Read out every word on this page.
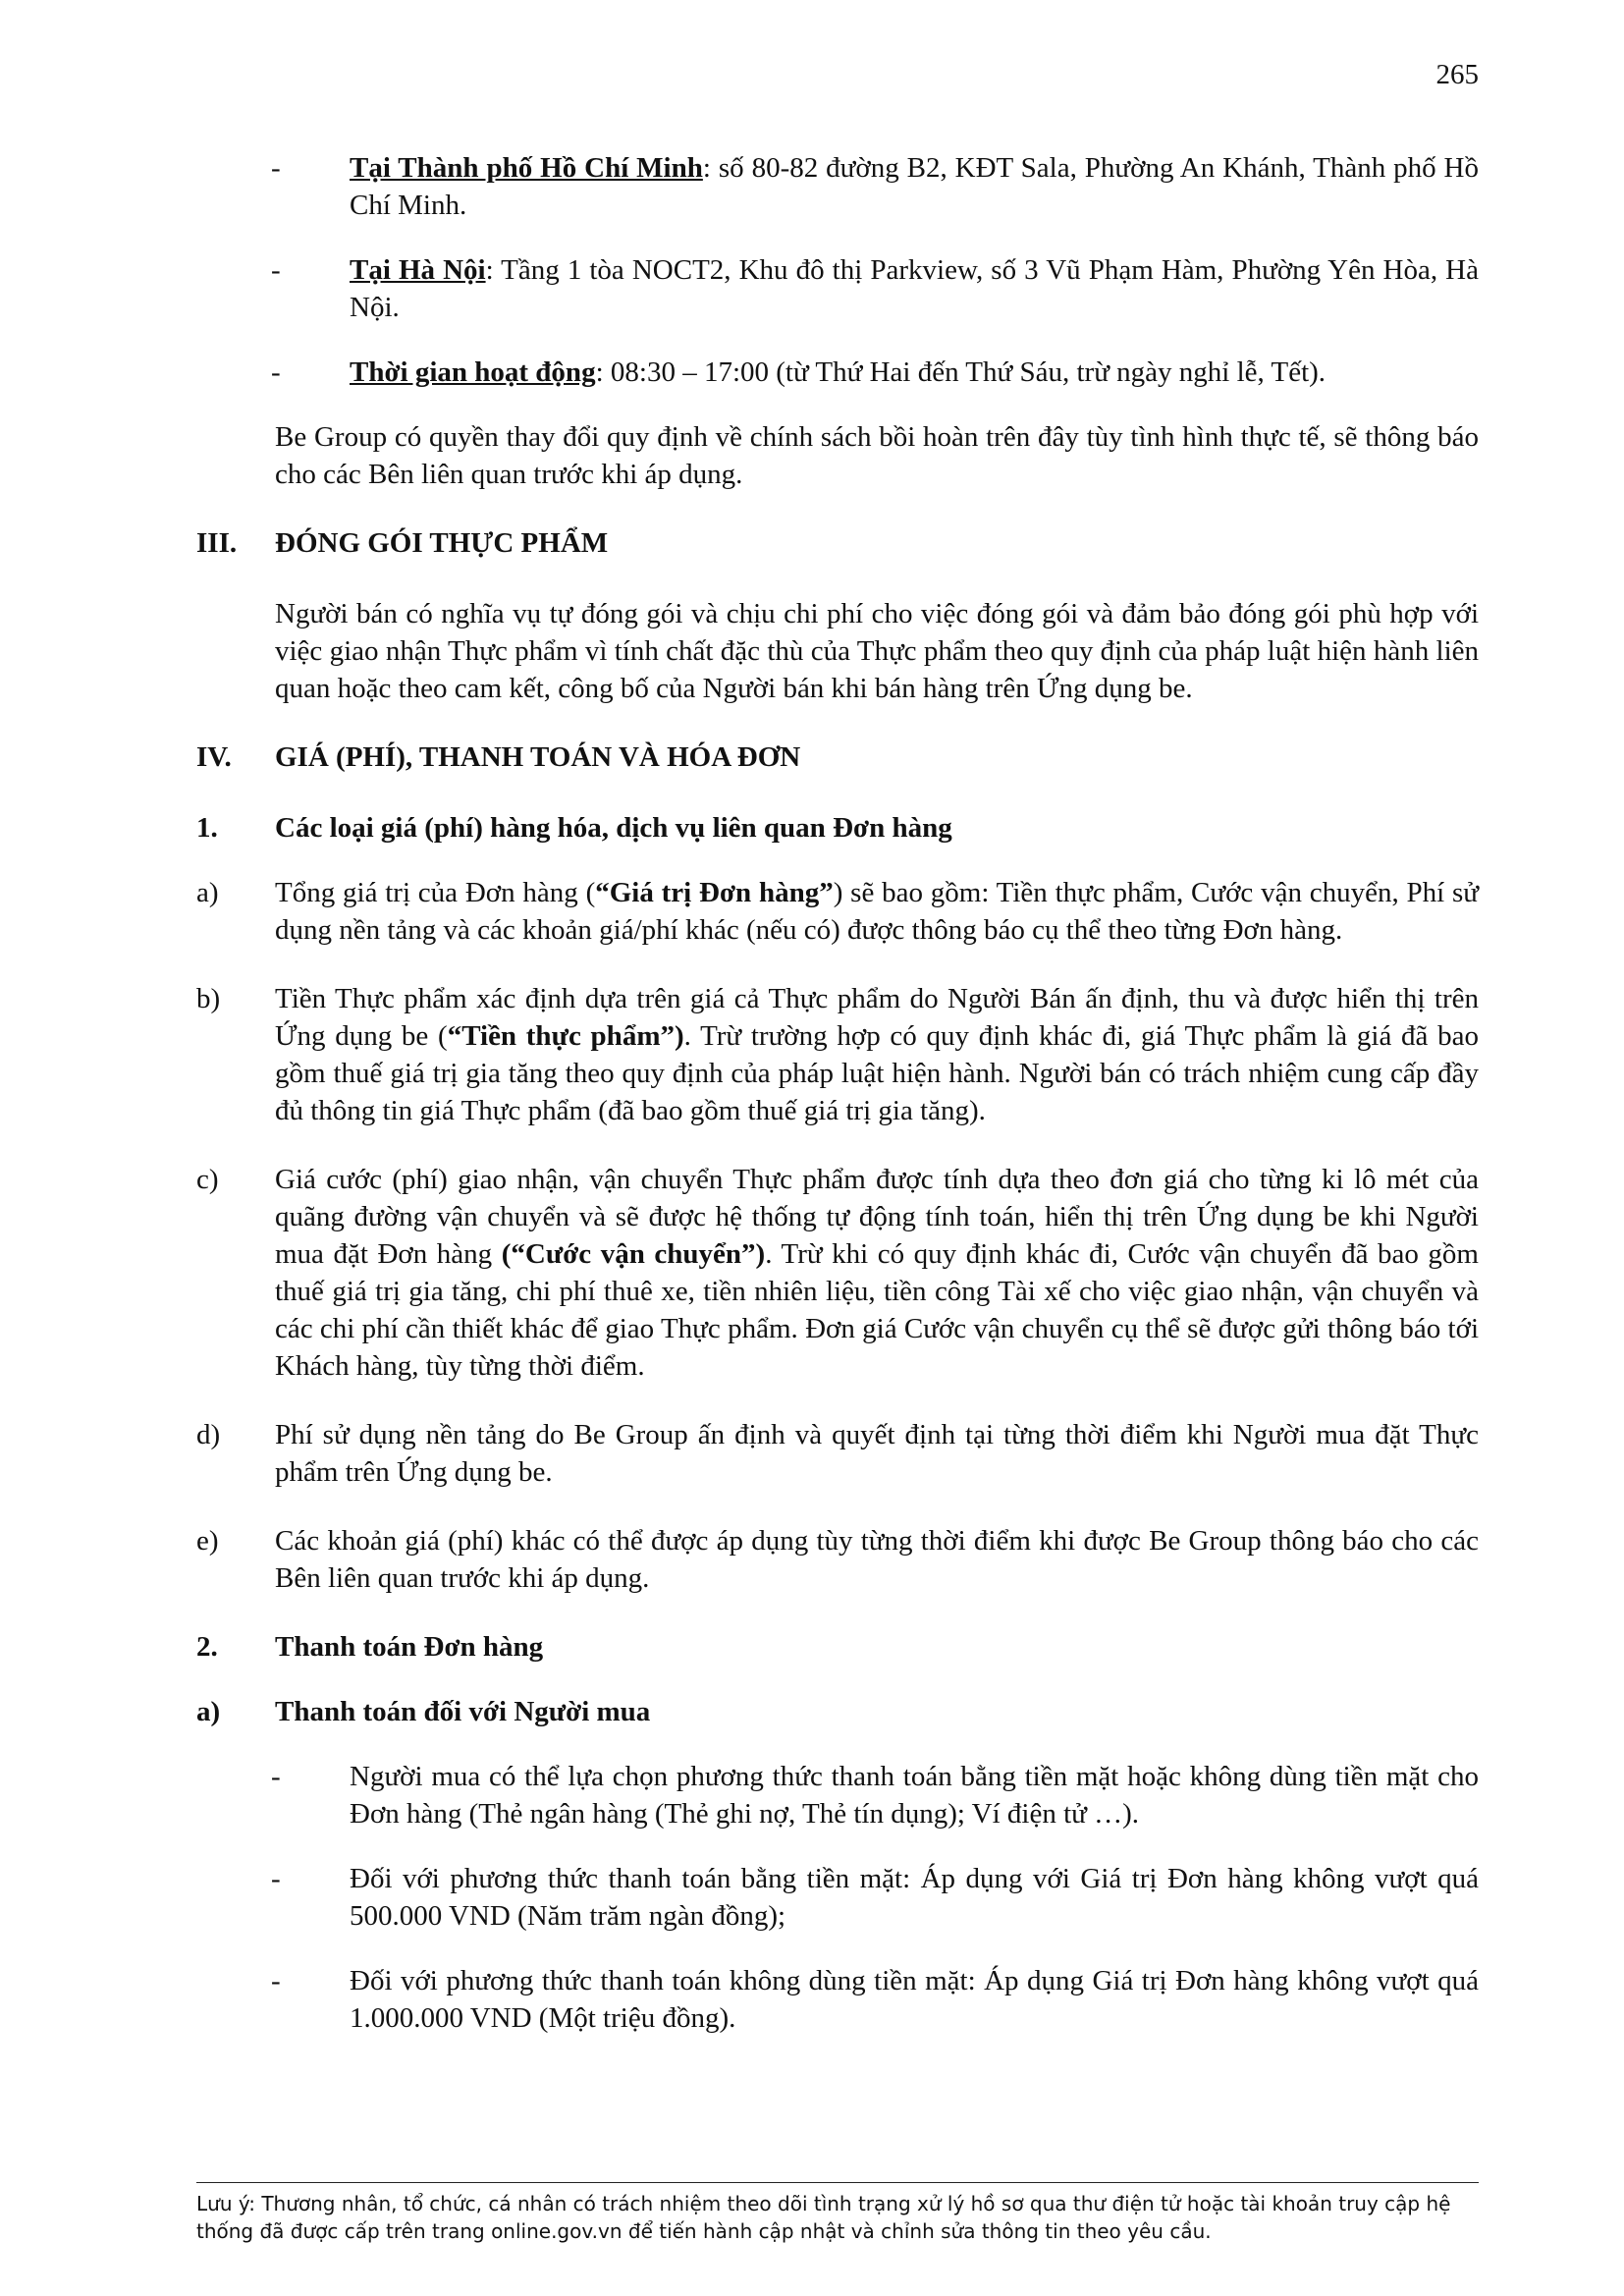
265
- Tại Thành phố Hồ Chí Minh: số 80-82 đường B2, KĐT Sala, Phường An Khánh, Thành phố Hồ Chí Minh.
- Tại Hà Nội: Tầng 1 tòa NOCT2, Khu đô thị Parkview, số 3 Vũ Phạm Hàm, Phường Yên Hòa, Hà Nội.
- Thời gian hoạt động: 08:30 – 17:00 (từ Thứ Hai đến Thứ Sáu, trừ ngày nghỉ lễ, Tết).
Be Group có quyền thay đổi quy định về chính sách bồi hoàn trên đây tùy tình hình thực tế, sẽ thông báo cho các Bên liên quan trước khi áp dụng.
III. ĐÓNG GÓI THỰC PHẨM
Người bán có nghĩa vụ tự đóng gói và chịu chi phí cho việc đóng gói và đảm bảo đóng gói phù hợp với việc giao nhận Thực phẩm vì tính chất đặc thù của Thực phẩm theo quy định của pháp luật hiện hành liên quan hoặc theo cam kết, công bố của Người bán khi bán hàng trên Ứng dụng be.
IV. GIÁ (PHÍ), THANH TOÁN VÀ HÓA ĐƠN
1. Các loại giá (phí) hàng hóa, dịch vụ liên quan Đơn hàng
a) Tổng giá trị của Đơn hàng (“Giá trị Đơn hàng”) sẽ bao gồm: Tiền thực phẩm, Cước vận chuyển, Phí sử dụng nền tảng và các khoản giá/phí khác (nếu có) được thông báo cụ thể theo từng Đơn hàng.
b) Tiền Thực phẩm xác định dựa trên giá cả Thực phẩm do Người Bán ấn định, thu và được hiển thị trên Ứng dụng be (“Tiền thực phẩm”). Trừ trường hợp có quy định khác đi, giá Thực phẩm là giá đã bao gồm thuế giá trị gia tăng theo quy định của pháp luật hiện hành. Người bán có trách nhiệm cung cấp đầy đủ thông tin giá Thực phẩm (đã bao gồm thuế giá trị gia tăng).
c) Giá cước (phí) giao nhận, vận chuyển Thực phẩm được tính dựa theo đơn giá cho từng ki lô mét của quãng đường vận chuyển và sẽ được hệ thống tự động tính toán, hiển thị trên Ứng dụng be khi Người mua đặt Đơn hàng (“Cước vận chuyển”). Trừ khi có quy định khác đi, Cước vận chuyển đã bao gồm thuế giá trị gia tăng, chi phí thuê xe, tiền nhiên liệu, tiền công Tài xế cho việc giao nhận, vận chuyển và các chi phí cần thiết khác để giao Thực phẩm. Đơn giá Cước vận chuyển cụ thể sẽ được gửi thông báo tới Khách hàng, tùy từng thời điểm.
d) Phí sử dụng nền tảng do Be Group ấn định và quyết định tại từng thời điểm khi Người mua đặt Thực phẩm trên Ứng dụng be.
e) Các khoản giá (phí) khác có thể được áp dụng tùy từng thời điểm khi được Be Group thông báo cho các Bên liên quan trước khi áp dụng.
2. Thanh toán Đơn hàng
a) Thanh toán đối với Người mua
- Người mua có thể lựa chọn phương thức thanh toán bằng tiền mặt hoặc không dùng tiền mặt cho Đơn hàng (Thẻ ngân hàng (Thẻ ghi nợ, Thẻ tín dụng); Ví điện tử …).
- Đối với phương thức thanh toán bằng tiền mặt: Áp dụng với Giá trị Đơn hàng không vượt quá 500.000 VND (Năm trăm ngàn đồng);
- Đối với phương thức thanh toán không dùng tiền mặt: Áp dụng Giá trị Đơn hàng không vượt quá 1.000.000 VND (Một triệu đồng).
Lưu ý: Thương nhân, tổ chức, cá nhân có trách nhiệm theo dõi tình trạng xử lý hồ sơ qua thư điện tử hoặc tài khoản truy cập hệ thống đã được cấp trên trang online.gov.vn để tiến hành cập nhật và chỉnh sửa thông tin theo yêu cầu.
